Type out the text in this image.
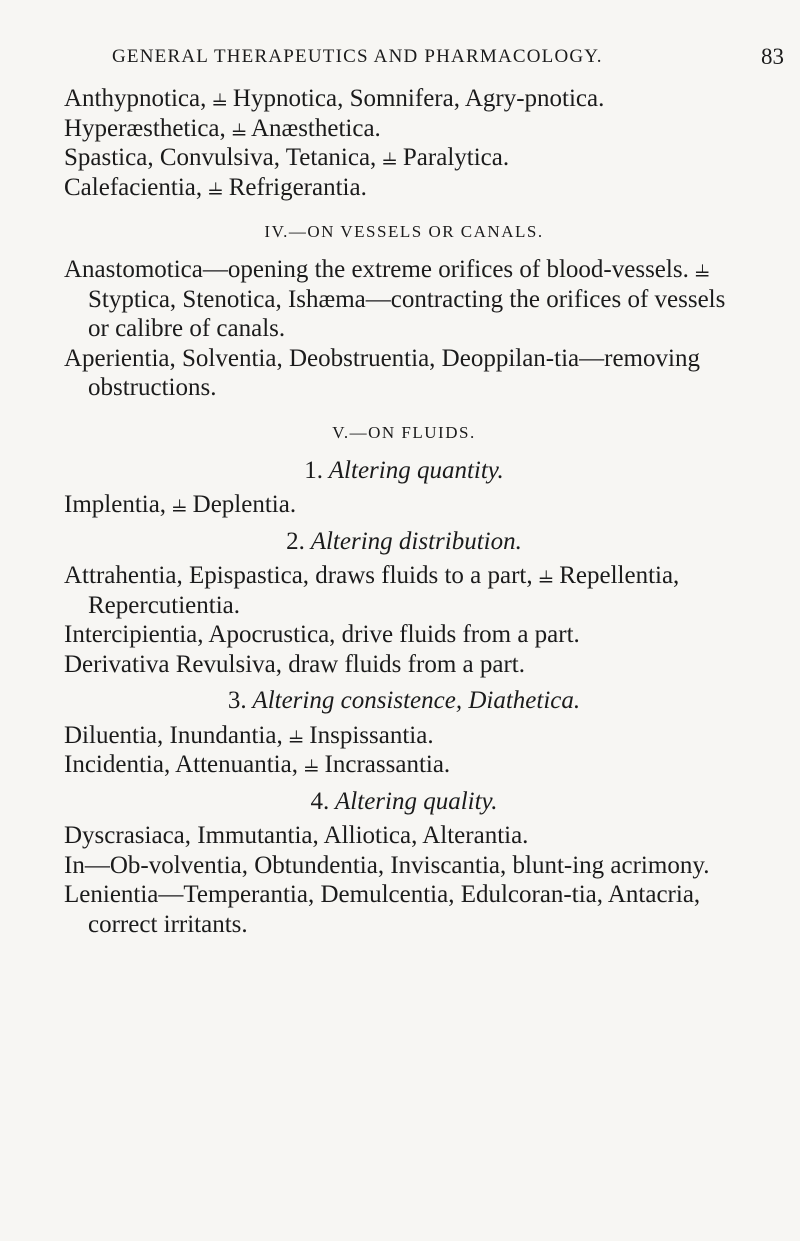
GENERAL THERAPEUTICS AND PHARMACOLOGY.	83

Anthypnotica, ⫨ Hypnotica, Somnifera, Agry-pnotica.

Hyperæsthetica, ⫨ Anæsthetica.

Spastica, Convulsiva, Tetanica, ⫨ Paralytica.

Calefacientia, ⫨ Refrigerantia.

IV.—ON VESSELS OR CANALS.

Anastomotica—opening the extreme orifices of blood-vessels. ⫨ Styptica, Stenotica, Ishæma—contracting the orifices of vessels or calibre of canals.

Aperientia, Solventia, Deobstruentia, Deoppilan-tia—removing obstructions.

V.—ON FLUIDS.
1. Altering quantity.

Implentia, ⫨ Deplentia.

2. Altering distribution.

Attrahentia, Epispastica, draws fluids to a part, ⫨ Repellentia, Repercutientia.

Intercipientia, Apocrustica, drive fluids from a part.

Derivativa Revulsiva, draw fluids from a part.

3. Altering consistence, Diathetica.

Diluentia, Inundantia, ⫨ Inspissantia.

Incidentia, Attenuantia, ⫨ Incrassantia.

4. Altering quality.

Dyscrasiaca, Immutantia, Alliotica, Alterantia.

In—Ob-volventia, Obtundentia, Inviscantia, blunt-ing acrimony.

Lenientia—Temperantia, Demulcentia, Edulcoran-tia, Antacria, correct irritants.
